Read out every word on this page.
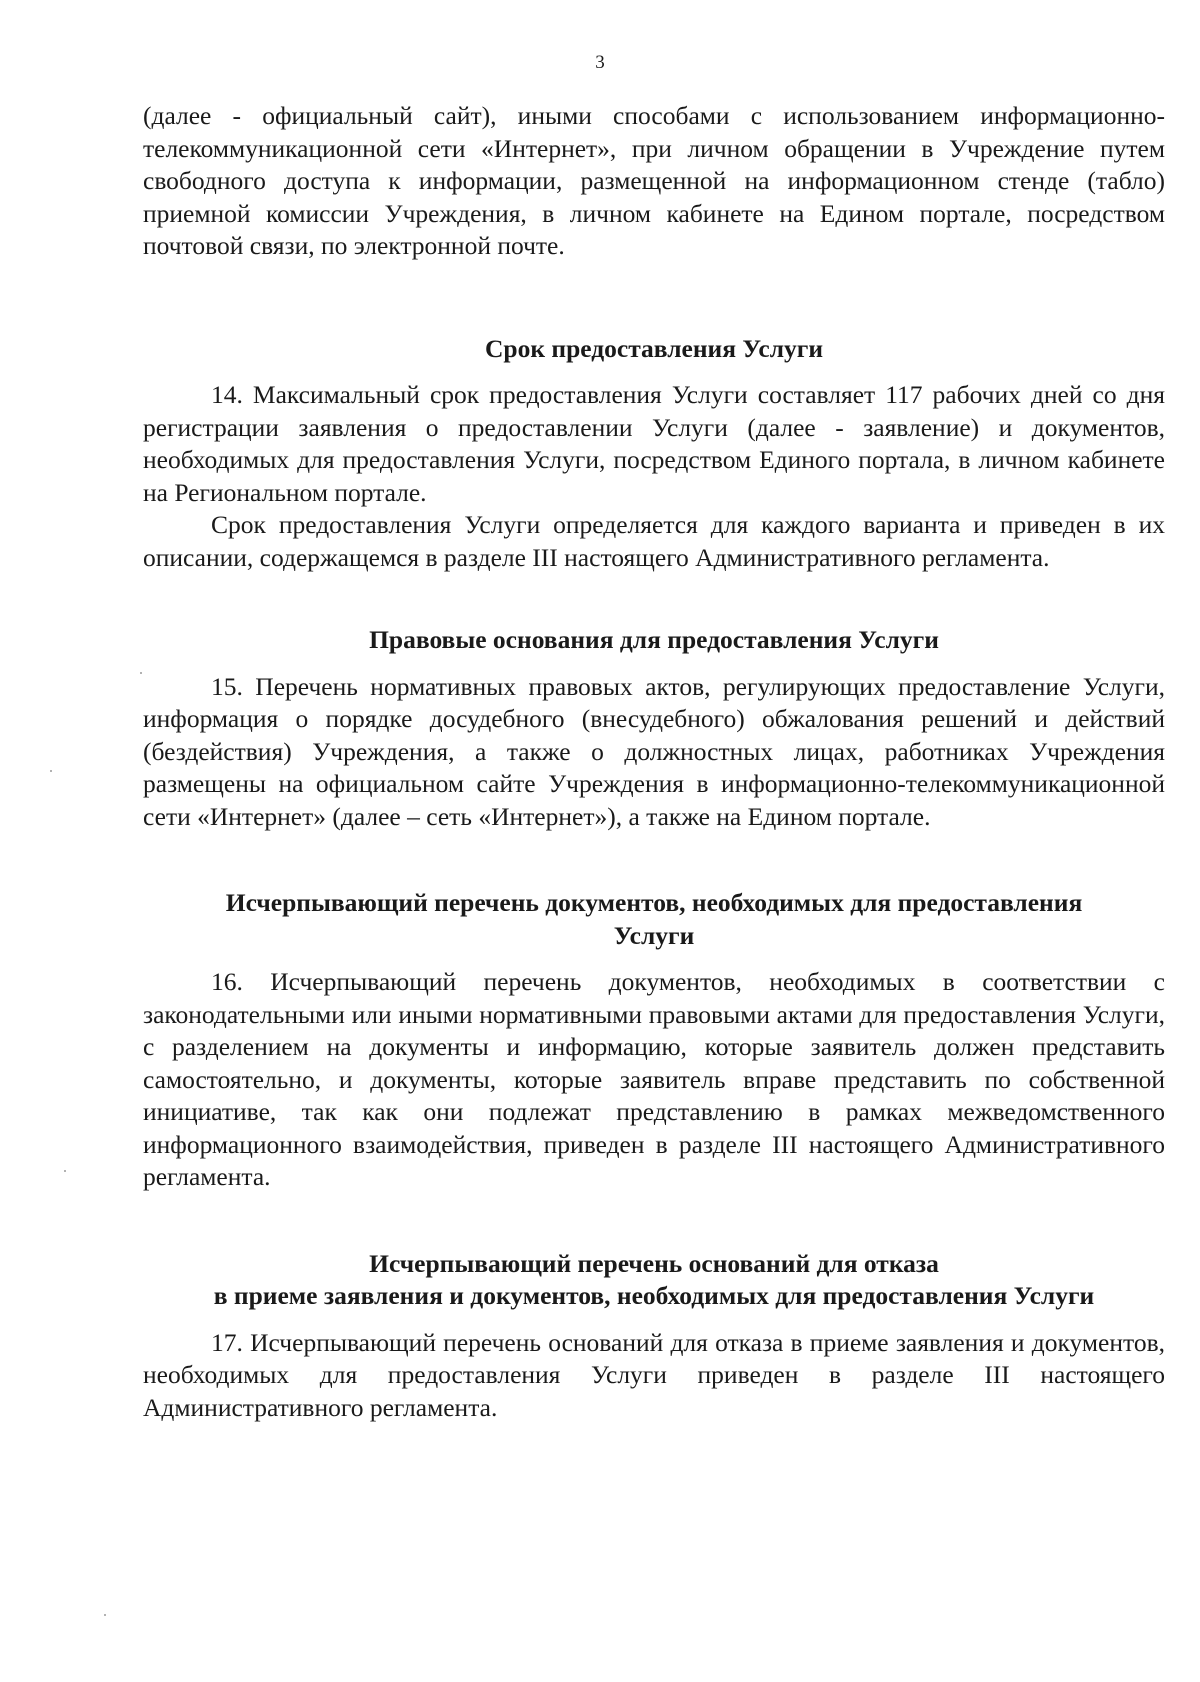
3

(далее - официальный сайт), иными способами с использованием информационно-телекоммуникационной сети «Интернет», при личном обращении в Учреждение путем свободного доступа к информации, размещенной на информационном стенде (табло) приемной комиссии Учреждения, в личном кабинете на Едином портале, посредством почтовой связи, по электронной почте.

Срок предоставления Услуги

14. Максимальный срок предоставления Услуги составляет 117 рабочих дней со дня регистрации заявления о предоставлении Услуги (далее - заявление) и документов, необходимых для предоставления Услуги, посредством Единого портала, в личном кабинете на Региональном портале.

Срок предоставления Услуги определяется для каждого варианта и приведен в их описании, содержащемся в разделе III настоящего Административного регламента.

Правовые основания для предоставления Услуги

15. Перечень нормативных правовых актов, регулирующих предоставление Услуги, информация о порядке досудебного (внесудебного) обжалования решений и действий (бездействия) Учреждения, а также о должностных лицах, работниках Учреждения размещены на официальном сайте Учреждения в информационно-телекоммуникационной сети «Интернет» (далее – сеть «Интернет»), а также на Едином портале.

Исчерпывающий перечень документов, необходимых для предоставления
Услуги

16. Исчерпывающий перечень документов, необходимых в соответствии с законодательными или иными нормативными правовыми актами для предоставления Услуги, с разделением на документы и информацию, которые заявитель должен представить самостоятельно, и документы, которые заявитель вправе представить по собственной инициативе, так как они подлежат представлению в рамках межведомственного информационного взаимодействия, приведен в разделе III настоящего Административного регламента.

Исчерпывающий перечень оснований для отказа
в приеме заявления и документов, необходимых для предоставления Услуги

17. Исчерпывающий перечень оснований для отказа в приеме заявления и документов, необходимых для предоставления Услуги приведен в разделе III настоящего Административного регламента.
